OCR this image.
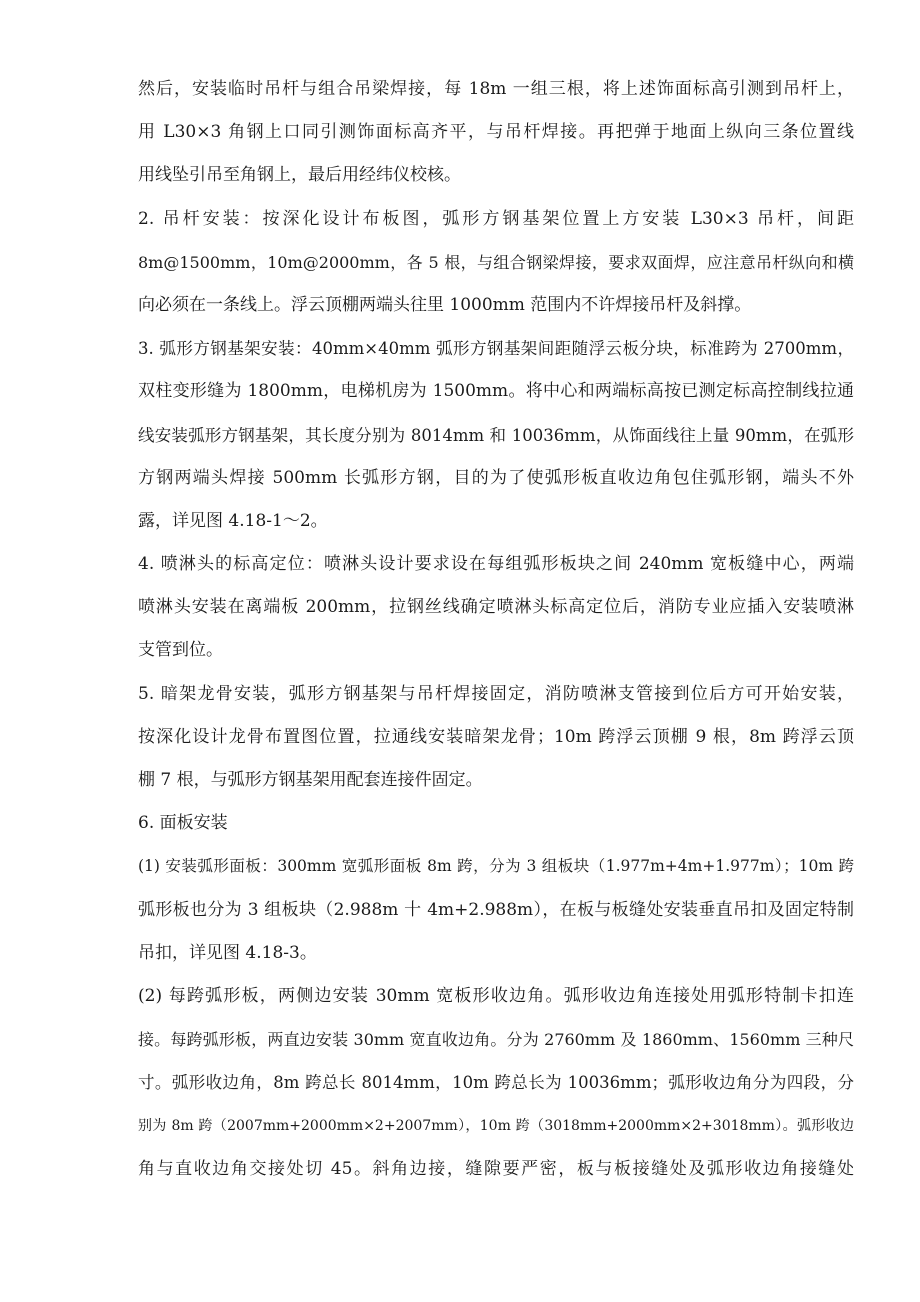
然后，安装临时吊杆与组合吊梁焊接，每 18m 一组三根，将上述饰面标高引测到吊杆上，
用 L30×3 角钢上口同引测饰面标高齐平，与吊杆焊接。再把弹于地面上纵向三条位置线
用线坠引吊至角钢上，最后用经纬仪校核。
2. 吊杆安装：按深化设计布板图，弧形方钢基架位置上方安装 L30×3 吊杆，间距
8m@1500mm，10m@2000mm，各 5 根，与组合钢梁焊接，要求双面焊，应注意吊杆纵向和横
向必须在一条线上。浮云顶棚两端头往里 1000mm 范围内不许焊接吊杆及斜撑。
3. 弧形方钢基架安装：40mm×40mm 弧形方钢基架间距随浮云板分块，标准跨为 2700mm，
双柱变形缝为 1800mm，电梯机房为 1500mm。将中心和两端标高按已测定标高控制线拉通
线安装弧形方钢基架，其长度分别为 8014mm 和 10036mm，从饰面线往上量 90mm，在弧形
方钢两端头焊接 500mm 长弧形方钢，目的为了使弧形板直收边角包住弧形钢，端头不外
露，详见图 4.18-1～2。
4. 喷淋头的标高定位：喷淋头设计要求设在每组弧形板块之间 240mm 宽板缝中心，两端
喷淋头安装在离端板 200mm，拉钢丝线确定喷淋头标高定位后，消防专业应插入安装喷淋
支管到位。
5. 暗架龙骨安装，弧形方钢基架与吊杆焊接固定，消防喷淋支管接到位后方可开始安装，
按深化设计龙骨布置图位置，拉通线安装暗架龙骨；10m 跨浮云顶棚 9 根，8m 跨浮云顶
棚 7 根，与弧形方钢基架用配套连接件固定。
6. 面板安装
(1) 安装弧形面板：300mm 宽弧形面板 8m 跨，分为 3 组板块（1.977m+4m+1.977m）；10m 跨
弧形板也分为 3 组板块（2.988m 十 4m+2.988m），在板与板缝处安装垂直吊扣及固定特制
吊扣，详见图 4.18-3。
(2) 每跨弧形板，两侧边安装 30mm 宽板形收边角。弧形收边角连接处用弧形特制卡扣连
接。每跨弧形板，两直边安装 30mm 宽直收边角。分为 2760mm 及 1860mm、1560mm 三种尺
寸。弧形收边角，8m 跨总长 8014mm，10m 跨总长为 10036mm；弧形收边角分为四段，分
别为 8m 跨（2007mm+2000mm×2+2007mm），10m 跨（3018mm+2000mm×2+3018mm）。弧形收边
角与直收边角交接处切 45。斜角边接，缝隙要严密，板与板接缝处及弧形收边角接缝处
